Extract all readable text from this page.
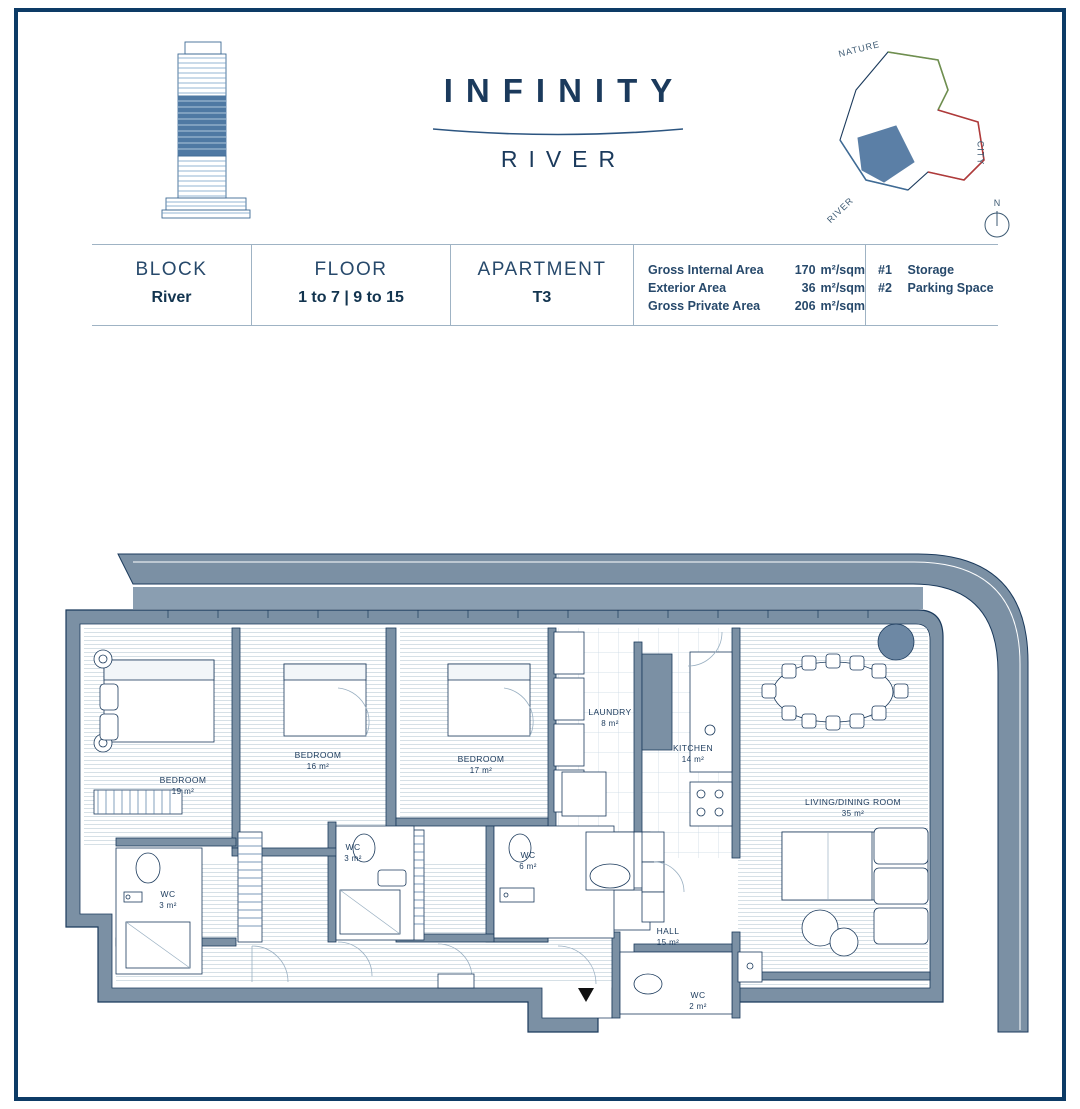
INFINITY
RIVER
NATURE
CITY
RIVER	N
BLOCK
River
FLOOR
1 to 7 | 9 to 15
APARTMENT
T3
Gross Internal Area	170 m²/sqm
Exterior Area	36 m²/sqm
Gross Private Area	206 m²/sqm
#1 Storage
#2 Parking Space
BEDROOM
19 m²
BEDROOM
16 m²
BEDROOM
17 m²
LAUNDRY
8 m²
KITCHEN
14 m²
LIVING/DINING ROOM
35 m²
WC
3 m²
WC
3 m²
WC
6 m²
HALL
15 m²
WC
2 m²
